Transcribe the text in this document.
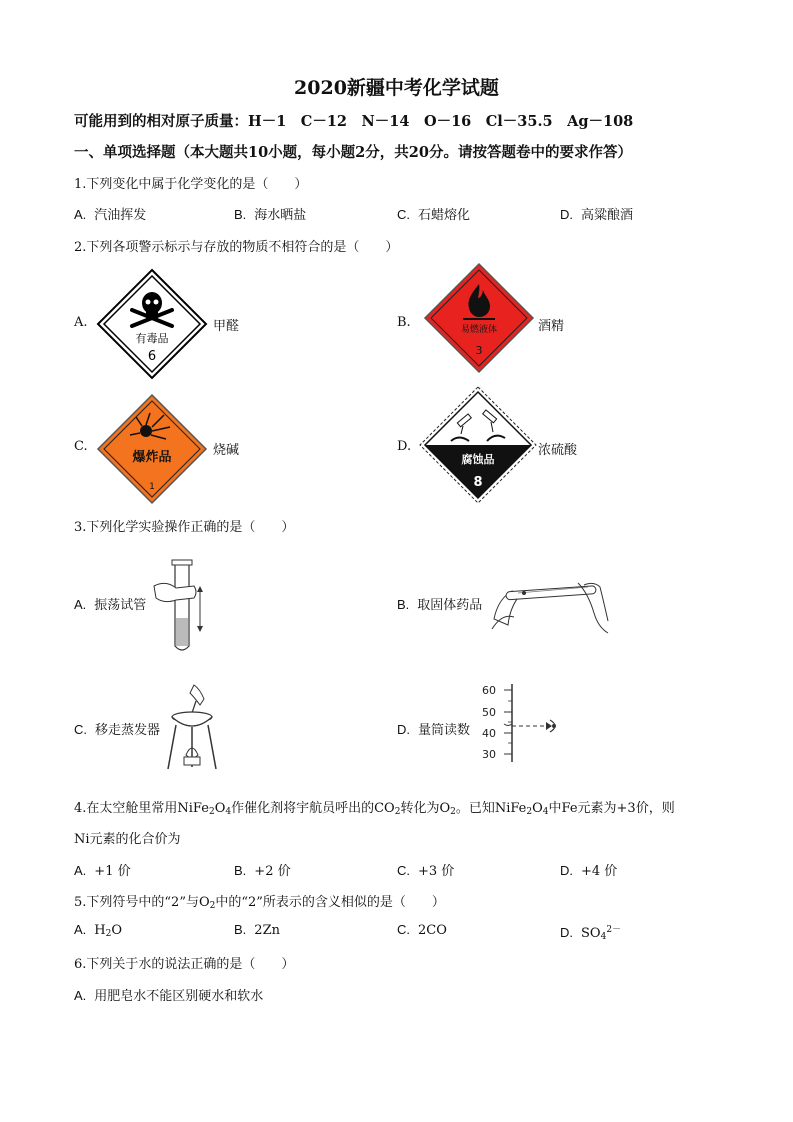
2020新疆中考化学试题
可能用到的相对原子质量：H－1　C－12　N－14　O－16　Cl－35.5　Ag－108
一、单项选择题（本大题共10小题，每小题2分，共20分。请按答题卷中的要求作答）
1.下列变化中属于化学变化的是（　　）
A. 汽油挥发	B. 海水晒盐	C. 石蜡熔化	D. 高粱酿酒
2.下列各项警示标示与存放的物质不相符合的是（　　）
A.
有毒品
6
甲醛	B.	易燃液体
3
酒精
C.
爆炸品
1
烧碱	D.
腐蚀品
8
浓硫酸
3.下列化学实验操作正确的是（　　）
A. 振荡试管	B. 取固体药品
C. 移走蒸发器	D. 量筒读数
60
50
40
30
4.在太空舱里常用$NiFe_2O_4$作催化剂将宇航员呼出的$CO_2$转化为$O_2$。已知$NiFe_2O_4$中Fe元素为+3价，则
Ni元素的化合价为
A. +1 价	B. +2 价	C. +3 价	D. +4 价
5.下列符号中的“2”与$O_2$中的“2”所表示的含义相似的是（　　）
A. $H_2O$	B. 2Zn	C. 2CO	D. $SO_4^{2-}$
6.下列关于水的说法正确的是（　　）
A. 用肥皂水不能区别硬水和软水
